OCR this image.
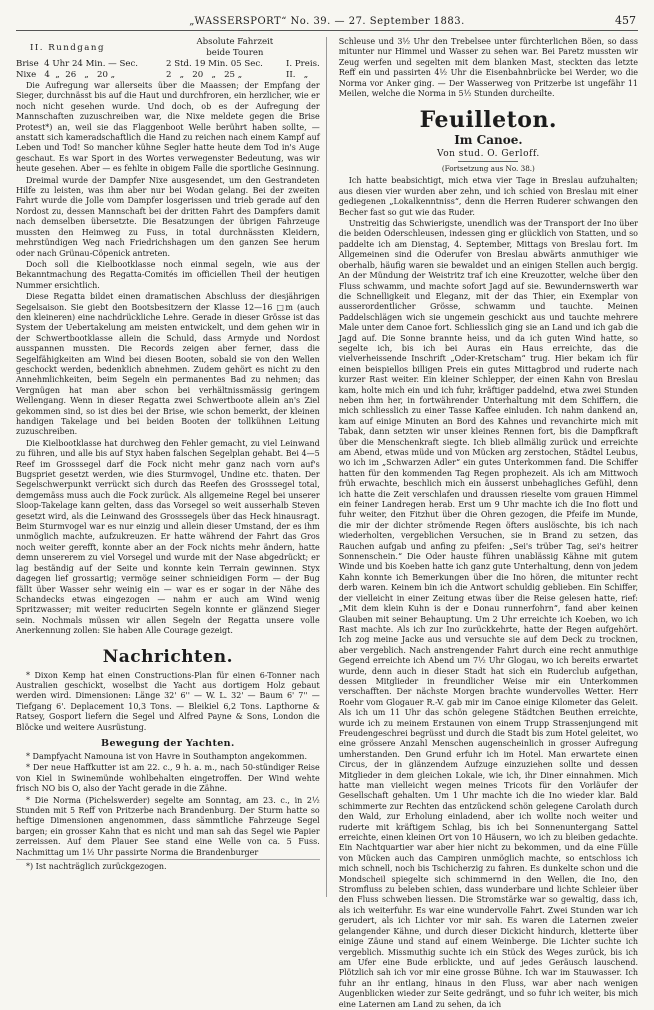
„WASSERSPORT“ No. 39. — 27. September 1883.	457
II. Rundgang
Absolute Fahrzeit
beide Touren
Brise  4 Uhr 24 Min. — Sec.	2 Std. 19 Min. 05 Sec.	I. Preis.
Nixe   4  „  26   „   20 „	2   „   20   „   25 „	II.   „

Die Aufregung war allerseits über die Maassen; der Empfang der Sieger, durchnässt bis auf die Haut und durchfroren, ein herzlicher, wie er noch nicht gesehen wurde. Und doch, ob es der Aufregung der Mannschaften zuzuschreiben war, die Nixe meldete gegen die Brise Protest*) an, weil sie das Flaggenboot Welle berührt haben sollte, — anstatt sich kameradschaftlich die Hand zu reichen nach einem Kampf auf Leben und Tod! So mancher kühne Segler hatte heute dem Tod in's Auge geschaut. Es war Sport in des Wortes verwegenster Bedeutung, was wir heute gesehen. Aber — es fehlte in obigem Falle die sportliche Gesinnung.

Dreimal wurde der Dampfer Nixe ausgesendet, um den Gestrandeten Hilfe zu leisten, was ihm aber nur bei Wodan gelang. Bei der zweiten Fahrt wurde die Jolle vom Dampfer losgerissen und trieb gerade auf den Nordost zu, dessen Mannschaft bei der dritten Fahrt des Dampfers damit nach demselben übersetzte. Die Besatzungen der übrigen Fahrzeuge mussten den Heimweg zu Fuss, in total durchnässten Kleidern, mehrstündigen Weg nach Friedrichshagen um den ganzen See herum oder nach Grünau-Cöpenick antreten.

Doch soll die Kielbootklasse noch einmal segeln, wie aus der Bekanntmachung des Regatta-Comités im officiellen Theil der heutigen Nummer ersichtlich.

Diese Regatta bildet einen dramatischen Abschluss der diesjährigen Segelsaison. Sie giebt den Bootsbesitzern der Klasse 12—16 □m (auch den kleineren) eine nachdrückliche Lehre. Gerade in dieser Grösse ist das System der Uebertakelung am meisten entwickelt, und dem gehen wir in der Schwertbootklasse allein die Schuld, dass Armyde und Nordost ausspannen mussten. Die Records zeigen aber ferner, dass die Segelfähigkeiten am Wind bei diesen Booten, sobald sie von den Wellen geschockt werden, bedenklich abnehmen. Zudem gehört es nicht zu den Annehmlichkeiten, beim Segeln ein permanentes Bad zu nehmen; das Vergnügen hat man aber schon bei verhältnissmässig geringem Wellengang. Wenn in dieser Regatta zwei Schwertboote allein an's Ziel gekommen sind, so ist dies bei der Brise, wie schon bemerkt, der kleinen handigen Takelage und bei beiden Booten der tollkühnen Leitung zuzuschreiben.

Die Kielbootklasse hat durchweg den Fehler gemacht, zu viel Leinwand zu führen, und alle bis auf Styx haben falschen Segelplan gehabt. Bei 4—5 Reef im Grosssegel darf die Fock nicht mehr ganz nach vorn auf's Bugspriet gesetzt werden, wie dies Sturmvogel, Undine etc. thaten. Der Segelschwerpunkt verrückt sich durch das Reefen des Grosssegel total, demgemäss muss auch die Fock zurück. Als allgemeine Regel bei unserer Sloop-Takelage kann gelten, dass das Vorsegel so weit ausserhalb Steven gesetzt wird, als die Leinwand des Grosssegels über das Heck hinausragt. Beim Sturmvogel war es nur einzig und allein dieser Umstand, der es ihm unmöglich machte, aufzukreuzen. Er hatte während der Fahrt das Gros noch weiter gerefft, konnte aber an der Fock nichts mehr ändern, hatte demn unsererem zu viel Vorsegel und wurde mit der Nase abgedrückt; er lag beständig auf der Seite und konnte kein Terrain gewinnen. Styx dagegen lief grossartig; vermöge seiner schnieidigen Form — der Bug fällt über Wasser sehr weinig ein — war es er sogar in der Nähe des Schandecks etwas eingezogen — nahm er auch am Wind wenig Spritzwasser; mit weiter reducirten Segeln konnte er glänzend Sieger sein. Nochmals müssen wir allen Segeln der Regatta unsere volle Anerkennung zollen: Sie haben Alle Courage gezeigt.

Nachrichten.

* Dixon Kemp hat einen Constructions-Plan für einen 6-Tonner nach Australien geschickt, woselbst die Yacht aus dortigem Holz gebaut werden wird. Dimensionen: Länge 32' 6'' — W. L. 32' — Baum 6' 7'' — Tiefgang 6'. Deplacement 10,3 Tons. — Bleikiel 6,2 Tons. Lapthorne & Ratsey, Gosport liefern die Segel und Alfred Payne & Sons, London die Blöcke und weitere Ausrüstung.

Bewegung der Yachten.

* Dampfyacht Namouna ist von Havre in Southampton angekommen.

* Der neue Haffkutter ist am 22. c., 9 h. a. m., nach 50-stündiger Reise von Kiel in Swinemünde wohlbehalten eingetroffen. Der Wind wehte frisch NO bis O, also der Yacht gerade in die Zähne.

* Die Norma (Pichelswerder) segelte am Sonntag, am 23. c., in 2½ Stunden mit 5 Reff von Pritzerbe nach Brandenburg. Der Sturm hatte so heftige Dimensionen angenommen, dass sämmtliche Fahrzeuge Segel bargen; ein grosser Kahn that es nicht und man sah das Segel wie Papier zerreissen. Auf dem Plauer See stand eine Welle von ca. 5 Fuss. Nachmittag um 1½ Uhr passirte Norma die Brandenburger

*) Ist nachträglich zurückgezogen.

Schleuse und 3½ Uhr den Trebelsee unter fürchterlichen Böen, so dass mitunter nur Himmel und Wasser zu sehen war. Bei Paretz mussten wir Zeug werfen und segelten mit dem blanken Mast, steckten das letzte Reff ein und passirten 4½ Uhr die Eisenbahnbrücke bei Werder, wo die Norma vor Anker ging. — Der Wasserweg von Pritzerbe ist ungefähr 11 Meilen, welche die Norma in 5½ Stunden durcheilte.

Feuilleton.
Im Canoe.
Von stud. O. Gerloff.
(Fortsetzung aus No. 38.)

Ich hatte beabsichtigt, mich etwa vier Tage in Breslau aufzuhalten; aus diesen vier wurden aber zehn, und ich schied von Breslau mit einer gediegenen „Lokalkenntniss“, denn die Herren Ruderer schwangen den Becher fast so gut wie das Ruder.

Unstreitig das Schwierigste, unendlich was der Transport der Ino über die beiden Oderschleusen, indessen ging er glücklich von Statten, und so paddelte ich am Dienstag, 4. September, Mittags von Breslau fort. Im Allgemeinen sind die Oderufer von Breslau abwärts anmuthiger wie oberhalb, häufig waren sie bewaldet und an einigen Stellen auch bergig. An der Mündung der Weistritz traf ich eine Kreuzotter, welche über den Fluss schwamm, und machte sofort Jagd auf sie. Bewundernswerth war die Schnelligkeit und Eleganz, mit der das Thier, ein Exemplar von ausserordentlicher Grösse, schwamm und tauchte. Meinen Paddelschlägen wich sie ungemein geschickt aus und tauchte mehrere Male unter dem Canoe fort. Schliesslich ging sie an Land und ich gab die Jagd auf. Die Sonne brannte heiss, und da ich guten Wind hatte, so segelte ich, bis ich bei Auras ein Haus erreichte, das die vielverheissende Inschrift „Oder-Kretscham“ trug. Hier bekam ich für einen beispiellos billigen Preis ein gutes Mittagbrod und ruderte nach kurzer Rast weiter. Ein kleiner Schlepper, der einen Kahn von Breslau kam, holte mich ein und ich fuhr, kräftiger paddelnd, etwa zwei Stunden neben ihm her, in fortwährender Unterhaltung mit dem Schiffern, die mich schliesslich zu einer Tasse Kaffee einluden. Ich nahm dankend an, kam auf einige Minuten an Bord des Kahnes und revanchirte mich mit Tabak, dann setzten wir unser kleines Rennen fort, bis die Dampfkraft über die Menschenkraft siegte. Ich blieb allmälig zurück und erreichte am Abend, etwas müde und von Mücken arg zerstochen, Städtel Leubus, wo ich im „Schwarzen Adler“ ein gutes Unterkommen fand. Die Schiffer hatten für den kommenden Tag Regen prophezeit. Als ich am Mittwoch früh erwachte, beschlich mich ein äusserst unbehagliches Gefühl, denn ich hatte die Zeit verschlafen und draussen rieselte vom grauen Himmel ein feiner Landregen herab. Erst um 9 Uhr machte ich die Ino flott und fuhr weiter, den Fitzhut über die Ohren gezogen, die Pfeife im Munde, die mir der dichter strömende Regen öfters auslöschte, bis ich nach wiederholten, vergeblichen Versuchen, sie in Brand zu setzen, das Rauchen aufgab und anfing zu pfeifen: „Sei's trüber Tag, sei's heitrer Sonnenschein.“ Die Oder hauste führen unablässig Kähne mit gutem Winde und bis Koeben hatte ich ganz gute Unterhaltung, denn von jedem Kahn konnte ich Bemerkungen über die Ino hören, die mitunter recht derb waren. Keinem bin ich die Antwort schuldig geblieben. Ein Schiffer, der vielleicht in einer Zeitung etwas über die Reise gelesen hatte, rief: „Mit dem klein Kuhn is der e Donau runnerfohrn“, fand aber keinen Glauben mit seiner Behauptung. Um 2 Uhr erreichte ich Koeben, wo ich Rast machte. Als ich zur Ino zurückkehrte, hatte der Regen aufgehört. Ich zog meine Jacke aus und versuchte sie auf dem Deck zu trocknen, aber vergeblich. Nach anstrengender Fahrt durch eine recht anmuthige Gegend erreichte ich Abend um 7½ Uhr Glogau, wo ich bereits erwartet wurde, denn auch in dieser Stadt hat sich ein Ruderclub aufgethan, dessen Mitglieder in freundlicher Weise mir ein Unterkommen verschafften. Der nächste Morgen brachte wundervolles Wetter. Herr Roehr vom Glogauer R.-V. gab mir im Canoe einige Kilometer das Geleit. Als ich um 11 Uhr das schön gelegene Städtchen Beuthen erreichte, wurde ich zu meinem Erstaunen von einem Trupp Strassenjungend mit Freudengeschrei begrüsst und durch die Stadt bis zum Hotel geleitet, wo eine grössere Anzahl Menschen augenscheinlich in grosser Aufregung umherstanden. Den Grund erfuhr ich im Hotel. Man erwartete einen Circus, der in glänzendem Aufzuge einzuziehen sollte und dessen Mitglieder in dem gleichen Lokale, wie ich, ihr Diner einnahmen. Mich hatte man vielleicht wegen meines Tricots für den Vorläufer der Gesellschaft gehalten. Um 1 Uhr machte ich die Ino wieder klar. Bald schimmerte zur Rechten das entzückend schön gelegene Carolath durch den Wald, zur Erholung einladend, aber ich wollte noch weiter und ruderte mit kräftigem Schlag, bis ich bei Sonnenuntergang Sattel erreichte, einen kleinen Ort von 10 Häusern, wo ich zu bleiben gedachte. Ein Nachtquartier war aber hier nicht zu bekommen, und da eine Fülle von Mücken auch das Campiren unmöglich machte, so entschloss ich mich schnell, noch bis Tschicherzig zu fahren. Es dunkelte schon und die Mondscheil spiegelte sich schimmernd in den Wellen, die Ino, den Stromfluss zu beleben schien, dass wunderbare und lichte Schleier über den Fluss schweben liessen. Die Stromstärke war so gewaltig, dass ich, als ich weiterfuhr. Es war eine wundervolle Fahrt. Zwei Stunden war ich gerudert, als ich Lichter vor mir sah. Es waren die Laternen zweier gelangender Kähne, und durch dieser Dickicht hindurch, kletterte über einige Zäune und stand auf einem Weinberge. Die Lichter suchte ich vergeblich. Missmuthig suchte ich ein Stück des Weges zurück, bis ich am Ufer eine Bude erblickte, und auf jedes Geräusch lauschend. Plötzlich sah ich vor mir eine grosse Bühne. Ich war im Stauwasser. Ich fuhr an ihr entlang, hinaus in den Fluss, war aber nach wenigen Augenblicken wieder zur Seite gedrängt, und so fuhr ich weiter, bis mich eine Laternen am Land zu sehen, da ich
